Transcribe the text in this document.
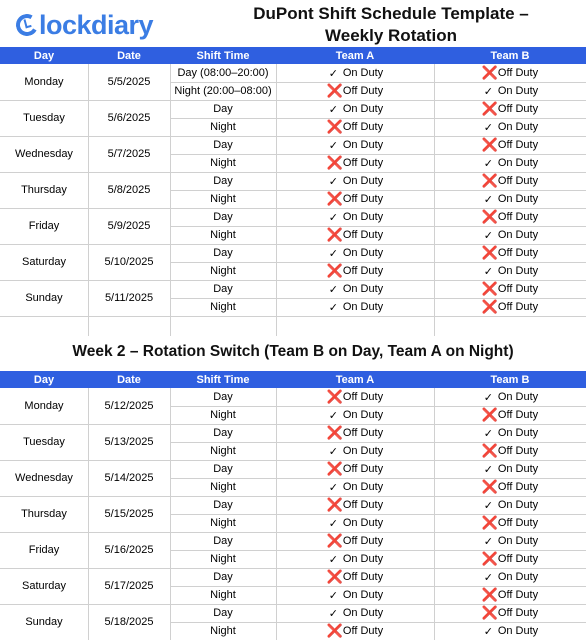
lockdiary	DuPont Shift Schedule Template –
Weekly Rotation
Week 2 – Rotation Switch (Team B on Day, Team A on Night)
Day	Date	Shift Time	Team A	Team B
Monday	5/5/2025
Day (08:00–20:00)	✓ On Duty	❌ Off Duty
Night (20:00–08:00)	❌ Off Duty	✓ On Duty
Tuesday	5/6/2025
Day	✓ On Duty	❌ Off Duty
Night	❌ Off Duty	✓ On Duty
Wednesday	5/7/2025
Day	✓ On Duty	❌ Off Duty
Night	❌ Off Duty	✓ On Duty
Thursday	5/8/2025
Day	✓ On Duty	❌ Off Duty
Night	❌ Off Duty	✓ On Duty
Friday	5/9/2025
Day	✓ On Duty	❌ Off Duty
Night	❌ Off Duty	✓ On Duty
Saturday	5/10/2025
Day	✓ On Duty	❌ Off Duty
Night	❌ Off Duty	✓ On Duty
Sunday	5/11/2025
Day	✓ On Duty	❌ Off Duty
Night	✓ On Duty	❌ Off Duty
Day	Date	Shift Time	Team A	Team B
Monday	5/12/2025
Day	❌ Off Duty	✓ On Duty
Night	✓ On Duty	❌ Off Duty
Tuesday	5/13/2025
Day	❌ Off Duty	✓ On Duty
Night	✓ On Duty	❌ Off Duty
Wednesday	5/14/2025
Day	❌ Off Duty	✓ On Duty
Night	✓ On Duty	❌ Off Duty
Thursday	5/15/2025
Day	❌ Off Duty	✓ On Duty
Night	✓ On Duty	❌ Off Duty
Friday	5/16/2025
Day	❌ Off Duty	✓ On Duty
Night	✓ On Duty	❌ Off Duty
Saturday	5/17/2025
Day	❌ Off Duty	✓ On Duty
Night	✓ On Duty	❌ Off Duty
Sunday	5/18/2025
Day	✓ On Duty	❌ Off Duty
Night	❌ Off Duty	✓ On Duty
